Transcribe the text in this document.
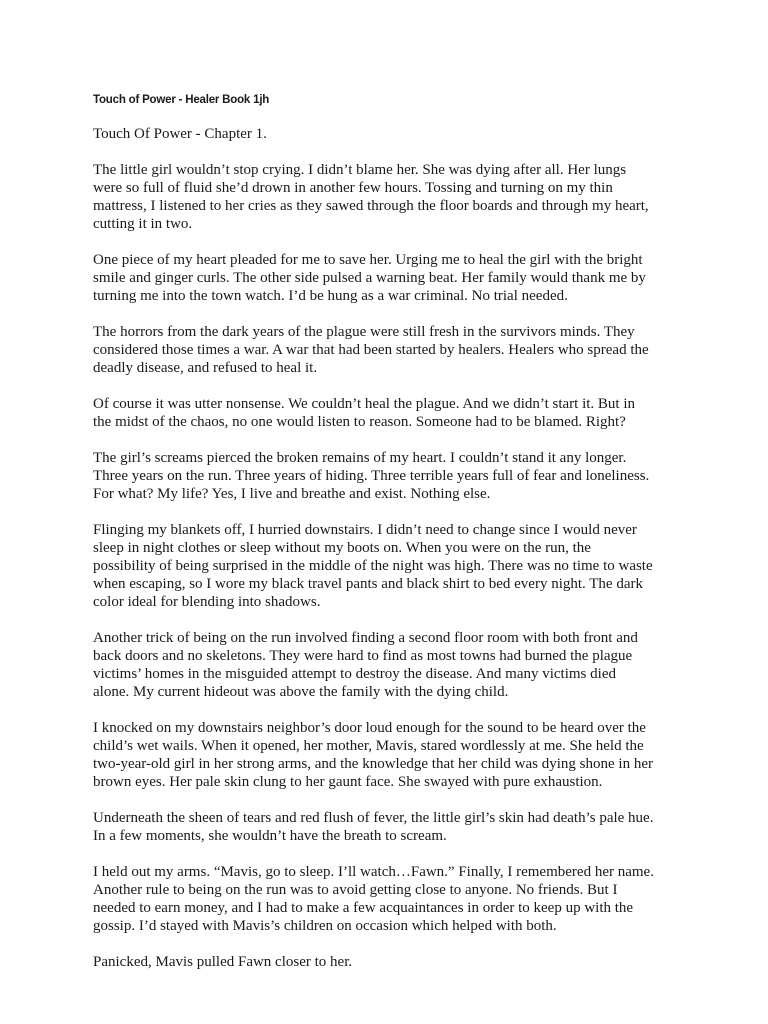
Touch of Power - Healer Book 1jh
Touch Of Power - Chapter 1.

The little girl wouldn’t stop crying. I didn’t blame her. She was dying after all. Her lungs
were so full of fluid she’d drown in another few hours. Tossing and turning on my thin
mattress, I listened to her cries as they sawed through the floor boards and through my heart,
cutting it in two.

One piece of my heart pleaded for me to save her. Urging me to heal the girl with the bright
smile and ginger curls. The other side pulsed a warning beat. Her family would thank me by
turning me into the town watch. I’d be hung as a war criminal. No trial needed.

The horrors from the dark years of the plague were still fresh in the survivors minds. They
considered those times a war. A war that had been started by healers. Healers who spread the
deadly disease, and refused to heal it.

Of course it was utter nonsense. We couldn’t heal the plague. And we didn’t start it. But in
the midst of the chaos, no one would listen to reason. Someone had to be blamed. Right?

The girl’s screams pierced the broken remains of my heart. I couldn’t stand it any longer.
Three years on the run. Three years of hiding. Three terrible years full of fear and loneliness.
For what? My life? Yes, I live and breathe and exist. Nothing else.

Flinging my blankets off, I hurried downstairs. I didn’t need to change since I would never
sleep in night clothes or sleep without my boots on. When you were on the run, the
possibility of being surprised in the middle of the night was high. There was no time to waste
when escaping, so I wore my black travel pants and black shirt to bed every night. The dark
color ideal for blending into shadows.

Another trick of being on the run involved finding a second floor room with both front and
back doors and no skeletons. They were hard to find as most towns had burned the plague
victims’ homes in the misguided attempt to destroy the disease. And many victims died
alone. My current hideout was above the family with the dying child.

I knocked on my downstairs neighbor’s door loud enough for the sound to be heard over the
child’s wet wails. When it opened, her mother, Mavis, stared wordlessly at me. She held the
two-year-old girl in her strong arms, and the knowledge that her child was dying shone in her
brown eyes. Her pale skin clung to her gaunt face. She swayed with pure exhaustion.

Underneath the sheen of tears and red flush of fever, the little girl’s skin had death’s pale hue.
In a few moments, she wouldn’t have the breath to scream.

I held out my arms. “Mavis, go to sleep. I’ll watch…Fawn.” Finally, I remembered her name.
Another rule to being on the run was to avoid getting close to anyone. No friends. But I
needed to earn money, and I had to make a few acquaintances in order to keep up with the
gossip. I’d stayed with Mavis’s children on occasion which helped with both.

Panicked, Mavis pulled Fawn closer to her.
